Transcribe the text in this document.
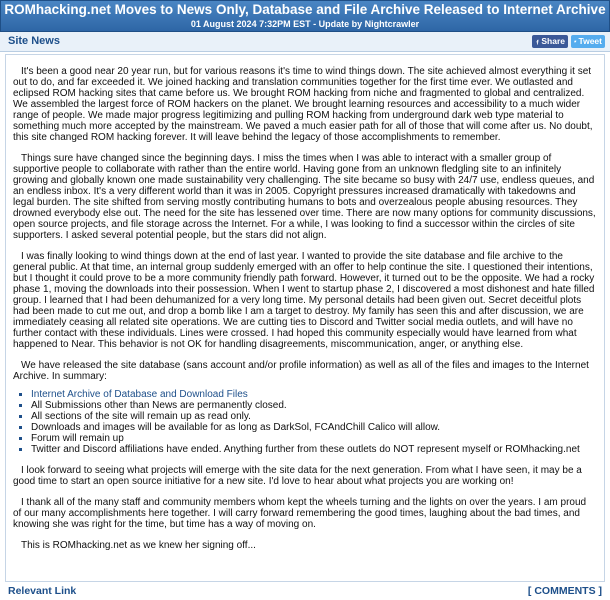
ROMhacking.net Moves to News Only, Database and File Archive Released to Internet Archive
01 August 2024 7:32PM EST - Update by Nightcrawler
Site News	Share Tweet

It's been a good near 20 year run, but for various reasons it's time to wind things down. The site achieved almost everything it set out to do, and far exceeded it. We joined hacking and translation communities together for the first time ever. We outlasted and eclipsed ROM hacking sites that came before us. We brought ROM hacking from niche and fragmented to global and centralized. We assembled the largest force of ROM hackers on the planet. We brought learning resources and accessibility to a much wider range of people. We made major progress legitimizing and pulling ROM hacking from underground dark web type material to something much more accepted by the mainstream. We paved a much easier path for all of those that will come after us. No doubt, this site changed ROM hacking forever. It will leave behind the legacy of those accomplishments to remember.

Things sure have changed since the beginning days. I miss the times when I was able to interact with a smaller group of supportive people to collaborate with rather than the entire world. Having gone from an unknown fledgling site to an infinitely growing and globally known one made sustainability very challenging. The site became so busy with 24/7 use, endless queues, and an endless inbox. It's a very different world than it was in 2005. Copyright pressures increased dramatically with takedowns and legal burden. The site shifted from serving mostly contributing humans to bots and overzealous people abusing resources. They drowned everybody else out. The need for the site has lessened over time. There are now many options for community discussions, open source projects, and file storage across the Internet. For a while, I was looking to find a successor within the circles of site supporters. I asked several potential people, but the stars did not align.

I was finally looking to wind things down at the end of last year. I wanted to provide the site database and file archive to the general public. At that time, an internal group suddenly emerged with an offer to help continue the site. I questioned their intentions, but I thought it could prove to be a more community friendly path forward. However, it turned out to be the opposite. We had a rocky phase 1, moving the downloads into their possession. When I went to startup phase 2, I discovered a most dishonest and hate filled group. I learned that I had been dehumanized for a very long time. My personal details had been given out. Secret deceitful plots had been made to cut me out, and drop a bomb like I am a target to destroy. My family has seen this and after discussion, we are immediately ceasing all related site operations. We are cutting ties to Discord and Twitter social media outlets, and will have no further contact with these individuals. Lines were crossed. I had hoped this community especially would have learned from what happened to Near. This behavior is not OK for handling disagreements, miscommunication, anger, or anything else.

We have released the site database (sans account and/or profile information) as well as all of the files and images to the Internet Archive. In summary:

▪ Internet Archive of Database and Download Files
▪ All Submissions other than News are permanently closed.
▪ All sections of the site will remain up as read only.
▪ Downloads and images will be available for as long as DarkSol, FCAndChill Calico will allow.
▪ Forum will remain up
▪ Twitter and Discord affiliations have ended. Anything further from these outlets do NOT represent myself or ROMhacking.net

I look forward to seeing what projects will emerge with the site data for the next generation. From what I have seen, it may be a good time to start an open source initiative for a new site. I'd love to hear about what projects you are working on!

I thank all of the many staff and community members whom kept the wheels turning and the lights on over the years. I am proud of our many accomplishments here together. I will carry forward remembering the good times, laughing about the bad times, and knowing she was right for the time, but time has a way of moving on.

This is ROMhacking.net as we knew her signing off...

Relevant Link	[ COMMENTS ]
